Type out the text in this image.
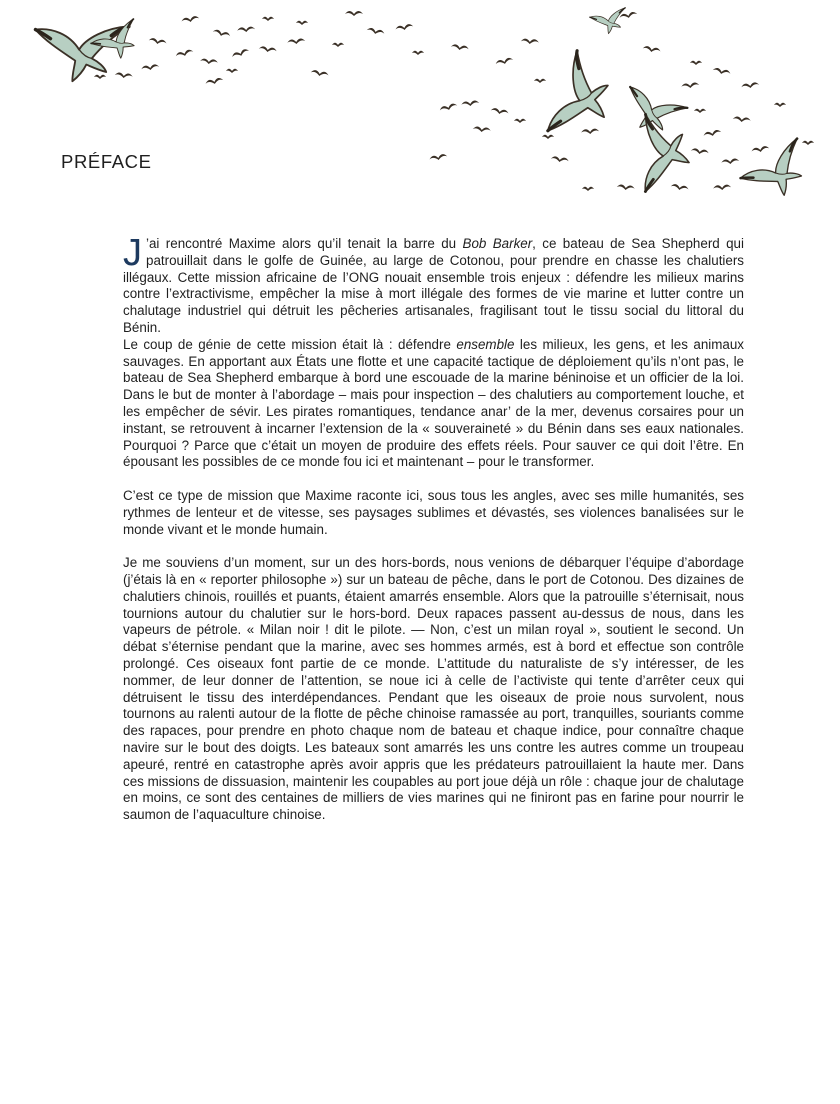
PRÉFACE

J ’ai rencontré Maxime alors qu’il tenait la barre du Bob Barker, ce bateau de Sea Shepherd qui patrouillait dans le golfe de Guinée, au large de Cotonou, pour prendre en chasse les chalutiers illégaux. Cette mission africaine de l’ONG nouait ensemble trois enjeux : défendre les milieux marins contre l’extractivisme, empêcher la mise à mort illégale des formes de vie marine et lutter contre un chalutage industriel qui détruit les pêcheries artisanales, fragilisant tout le tissu social du littoral du Bénin.

Le coup de génie de cette mission était là : défendre ensemble les milieux, les gens, et les animaux sauvages. En apportant aux États une flotte et une capacité tactique de déploiement qu’ils n’ont pas, le bateau de Sea Shepherd embarque à bord une escouade de la marine béninoise et un officier de la loi. Dans le but de monter à l’abordage – mais pour inspection – des chalutiers au comportement louche, et les empêcher de sévir. Les pirates romantiques, tendance anar’ de la mer, devenus corsaires pour un instant, se retrouvent à incarner l’extension de la « souveraineté » du Bénin dans ses eaux nationales. Pourquoi ? Parce que c’était un moyen de produire des effets réels. Pour sauver ce qui doit l’être. En épousant les possibles de ce monde fou ici et maintenant – pour le transformer.

C’est ce type de mission que Maxime raconte ici, sous tous les angles, avec ses mille humanités, ses rythmes de lenteur et de vitesse, ses paysages sublimes et dévastés, ses violences banalisées sur le monde vivant et le monde humain.

Je me souviens d’un moment, sur un des hors-bords, nous venions de débarquer l’équipe d’abordage (j’étais là en « reporter philosophe ») sur un bateau de pêche, dans le port de Cotonou. Des dizaines de chalutiers chinois, rouillés et puants, étaient amarrés ensemble. Alors que la patrouille s’éternisait, nous tournions autour du chalutier sur le hors-bord. Deux rapaces passent au-dessus de nous, dans les vapeurs de pétrole. « Milan noir ! dit le pilote. — Non, c’est un milan royal », soutient le second. Un débat s’éternise pendant que la marine, avec ses hommes armés, est à bord et effectue son contrôle prolongé. Ces oiseaux font partie de ce monde. L’attitude du naturaliste de s’y intéresser, de les nommer, de leur donner de l’attention, se noue ici à celle de l’activiste qui tente d’arrêter ceux qui détruisent le tissu des interdépendances. Pendant que les oiseaux de proie nous survolent, nous tournons au ralenti autour de la flotte de pêche chinoise ramassée au port, tranquilles, souriants comme des rapaces, pour prendre en photo chaque nom de bateau et chaque indice, pour connaître chaque navire sur le bout des doigts. Les bateaux sont amarrés les uns contre les autres comme un troupeau apeuré, rentré en catastrophe après avoir appris que les prédateurs patrouillaient la haute mer. Dans ces missions de dissuasion, maintenir les coupables au port joue déjà un rôle : chaque jour de chalutage en moins, ce sont des centaines de milliers de vies marines qui ne finiront pas en farine pour nourrir le saumon de l’aquaculture chinoise.
